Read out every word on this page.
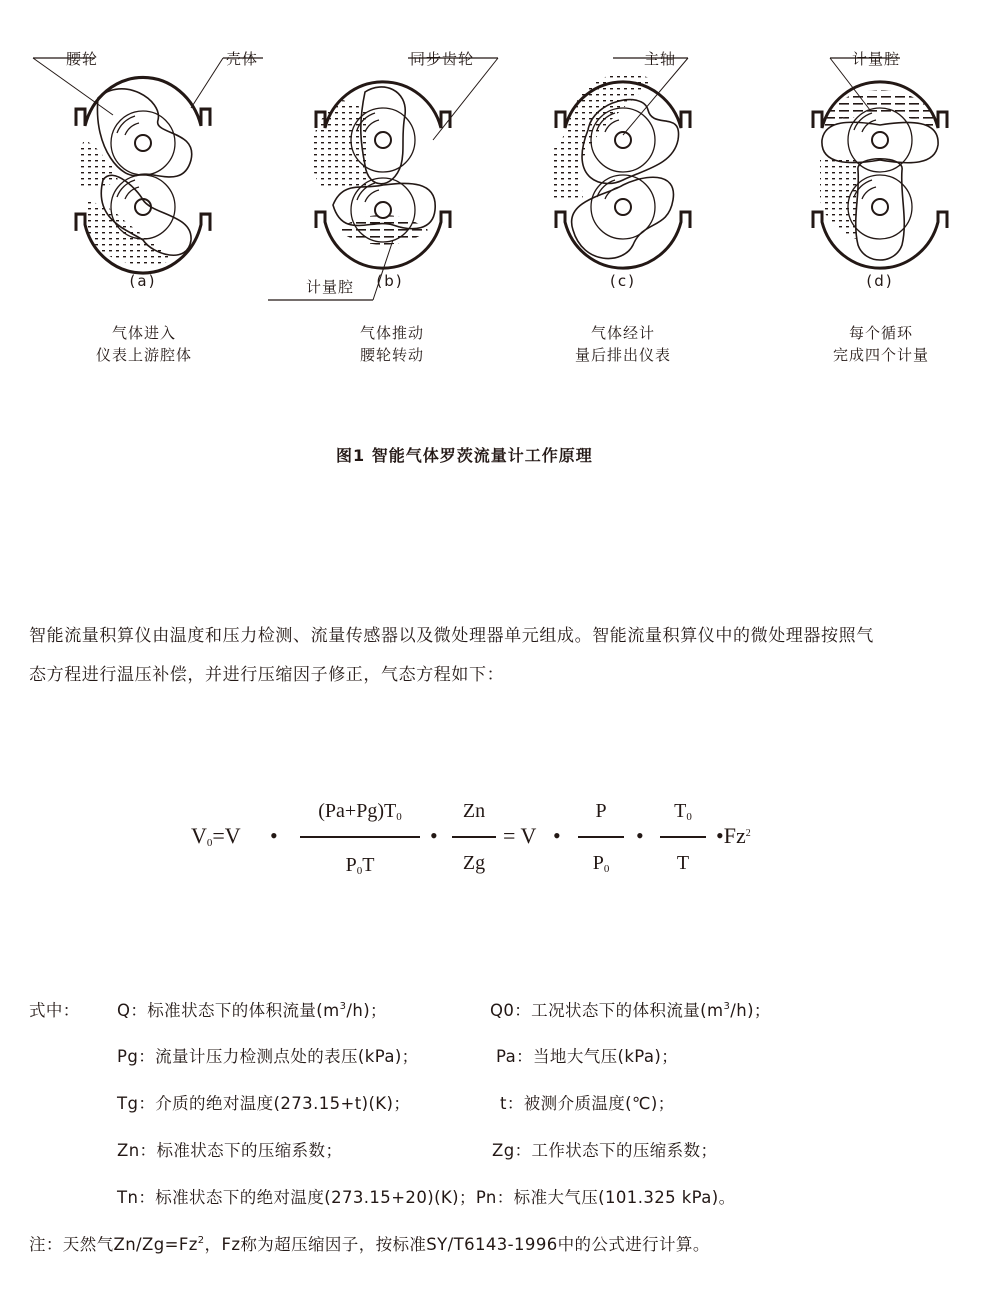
腰轮	壳体	同步齿轮
计量腔
主轴	计量腔
(a)	(b)	(c)	(d)
气体进入
仪表上游腔体
气体推动
腰轮转动
气体经计
量后排出仪表
每个循环
完成四个计量
图1 智能气体罗茨流量计工作原理
智能流量积算仪由温度和压力检测、流量传感器以及微处理器单元组成。智能流量积算仪中的微处理器按照气
态方程进行温压补偿，并进行压缩因子修正，气态方程如下：
$V_0=V$ •
$(Pa+Pg)T_0$
$P_0T$
•
Zn
Zg
= V •
P
$P_0$
•
$T_0$
T
•Fz$^2$
式中： Q：标准状态下的体积流量$(m^3/h)$；	Q0：工况状态下的体积流量$(m^3/h)$；
Pg：流量计压力检测点处的表压(kPa)；	Pa：当地大气压(kPa)；
Tg：介质的绝对温度(273.15+t)(K)；	t：被测介质温度(℃)；
Zn：标准状态下的压缩系数；	Zg：工作状态下的压缩系数；
Tn：标准状态下的绝对温度(273.15+20)(K)；Pn：标准大气压(101.325 kPa)。
注：天然气$Zn/Zg=Fz^2$，Fz称为超压缩因子，按标准SY/T6143-1996中的公式进行计算。
